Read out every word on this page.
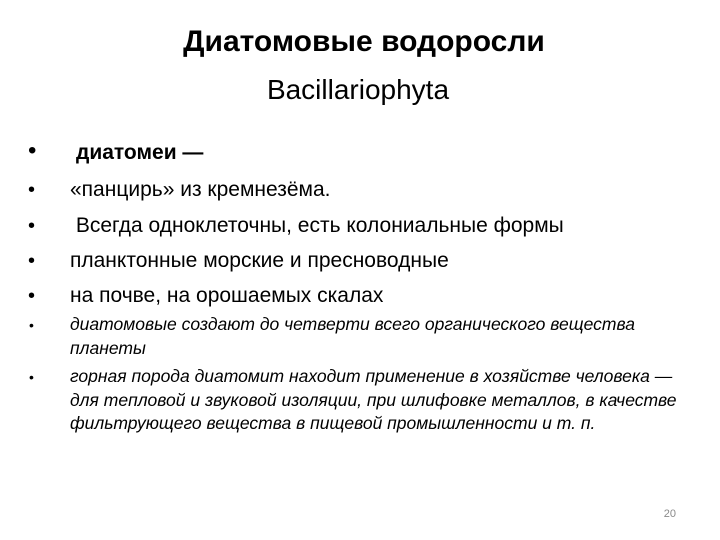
Диатомовые водоросли
Bacillariophyta
• диатомеи —
• «панцирь» из кремнезёма.
• Всегда одноклеточны, есть колониальные формы
• планктонные морские и пресноводные
• на почве, на орошаемых скалах
• диатомовые создают до четверти всего органического вещества планеты
• горная порода диатомит находит применение в хозяйстве человека — для тепловой и звуковой изоляции, при шлифовке металлов, в качестве фильтрующего вещества в пищевой промышленности и т. п.
20
